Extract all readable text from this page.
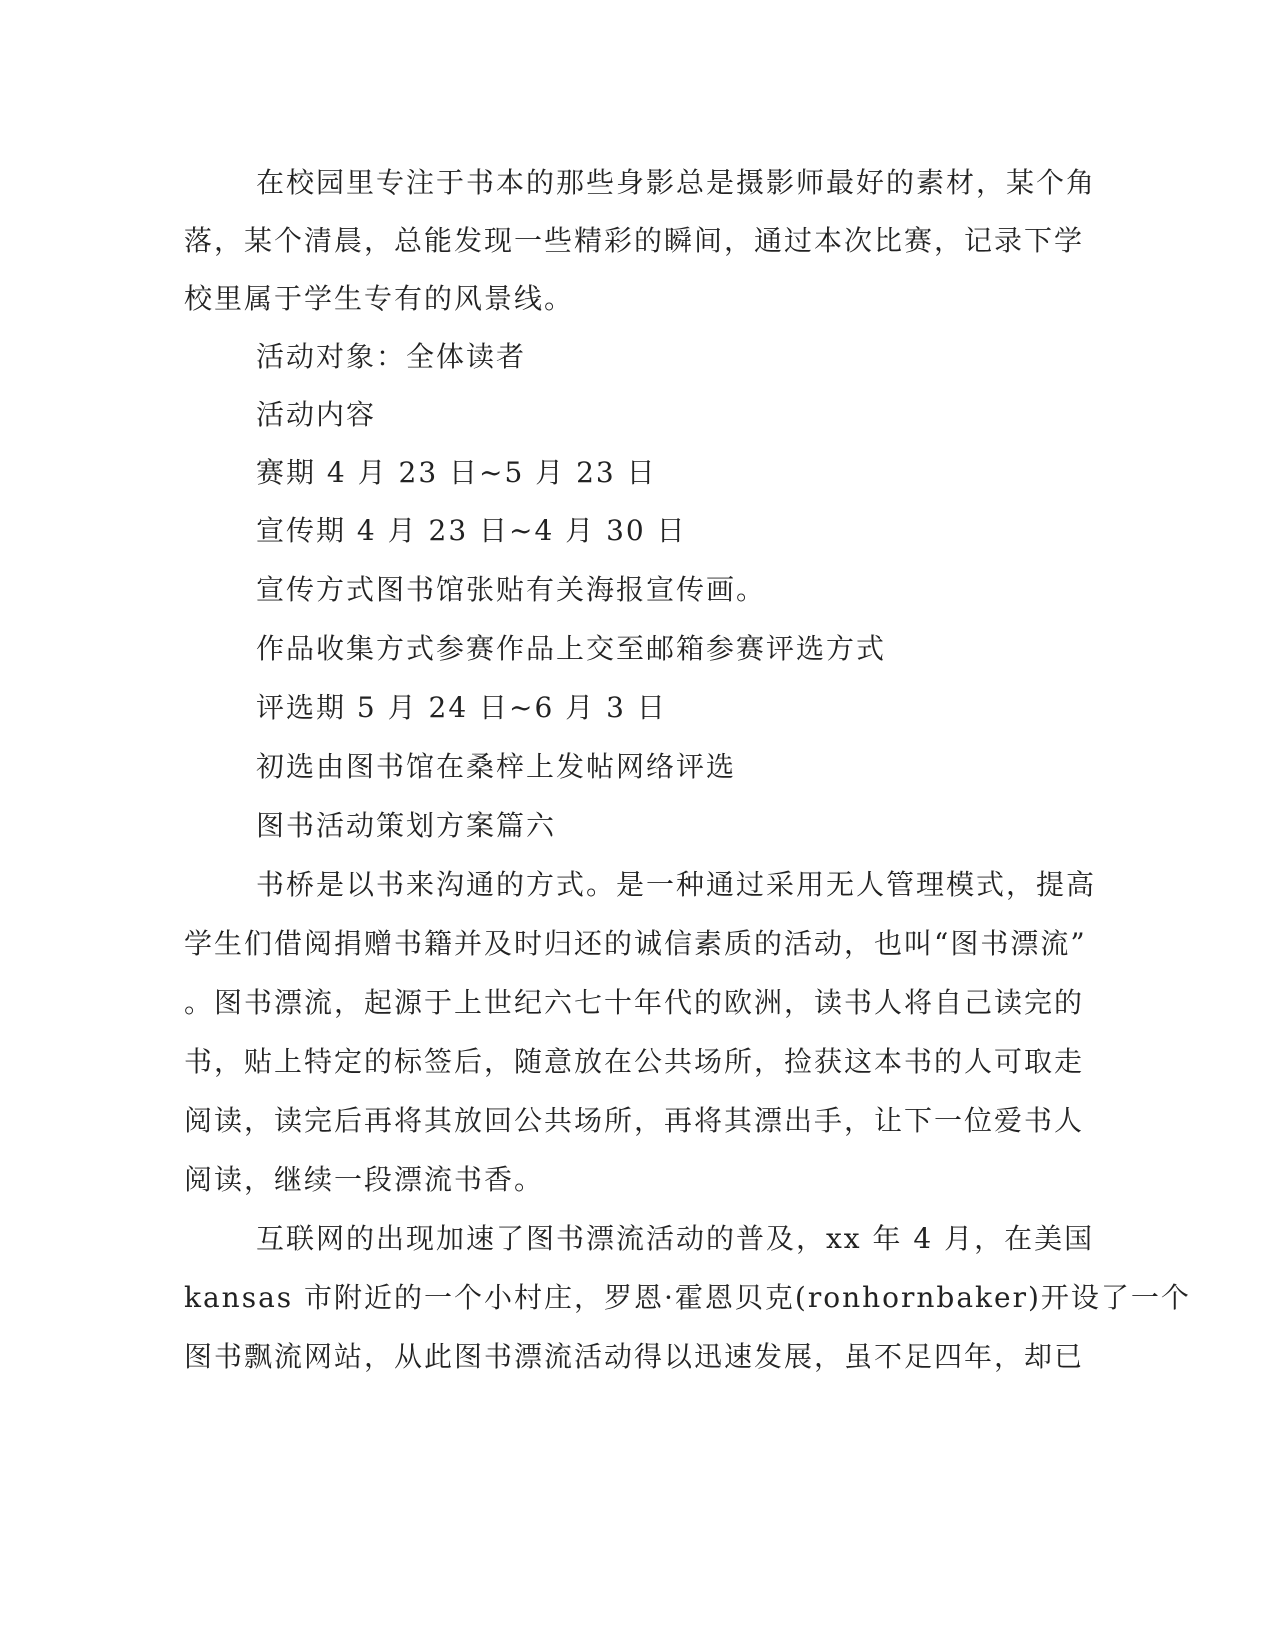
在校园里专注于书本的那些身影总是摄影师最好的素材，某个角
落，某个清晨，总能发现一些精彩的瞬间，通过本次比赛，记录下学
校里属于学生专有的风景线。
活动对象：全体读者
活动内容
赛期 4 月 23 日~5 月 23 日
宣传期 4 月 23 日~4 月 30 日
宣传方式图书馆张贴有关海报宣传画。
作品收集方式参赛作品上交至邮箱参赛评选方式
评选期 5 月 24 日~6 月 3 日
初选由图书馆在桑梓上发帖网络评选
图书活动策划方案篇六
书桥是以书来沟通的方式。是一种通过采用无人管理模式，提高
学生们借阅捐赠书籍并及时归还的诚信素质的活动，也叫“图书漂流”
。图书漂流，起源于上世纪六七十年代的欧洲，读书人将自己读完的
书，贴上特定的标签后，随意放在公共场所，捡获这本书的人可取走
阅读，读完后再将其放回公共场所，再将其漂出手，让下一位爱书人
阅读，继续一段漂流书香。
互联网的出现加速了图书漂流活动的普及，xx 年 4 月，在美国
kansas 市附近的一个小村庄，罗恩·霍恩贝克(ronhornbaker)开设了一个
图书飘流网站，从此图书漂流活动得以迅速发展，虽不足四年，却已
